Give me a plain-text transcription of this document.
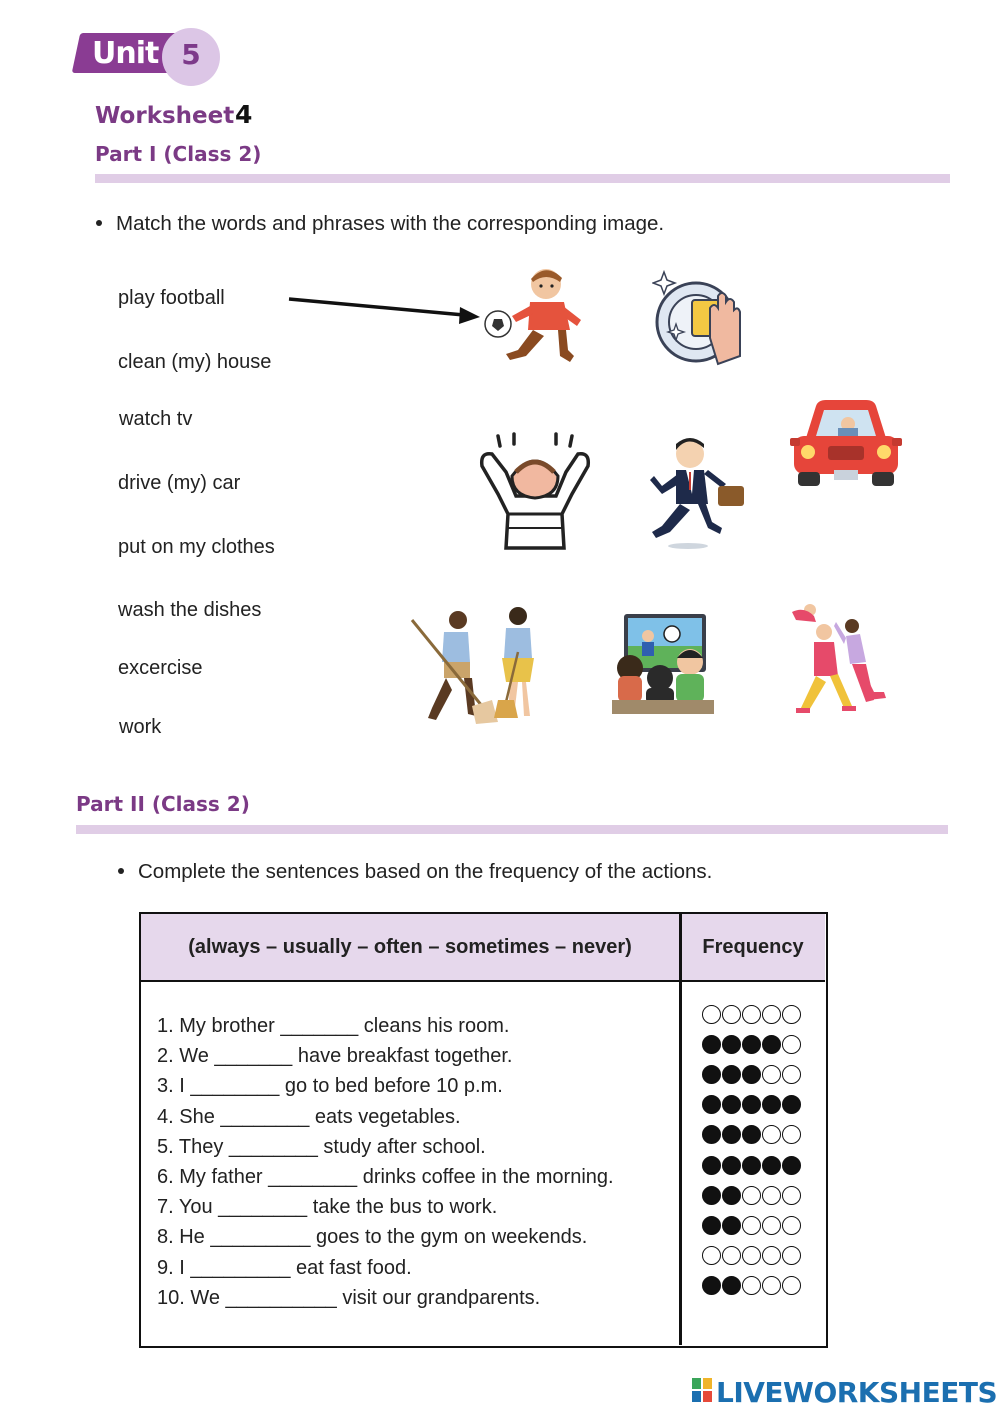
Unit 5
Worksheet 4
Part I (Class 2)
Match the words and phrases with the corresponding image.
play football
clean (my) house
watch tv
drive (my) car
put on my clothes
wash the dishes
excercise
work
Part II (Class 2)
Complete the sentences based on the frequency of the actions.
(always – usually – often – sometimes – never)	Frequency
1. My brother _______ cleans his room.
2. We _______ have breakfast together.
3. I ________ go to bed before 10 p.m.
4. She ________ eats vegetables.
5. They ________ study after school.
6. My father ________ drinks coffee in the morning.
7. You ________ take the bus to work.
8. He _________ goes to the gym on weekends.
9. I _________ eat fast food.
10. We __________ visit our grandparents.
LIVEWORKSHEETS
